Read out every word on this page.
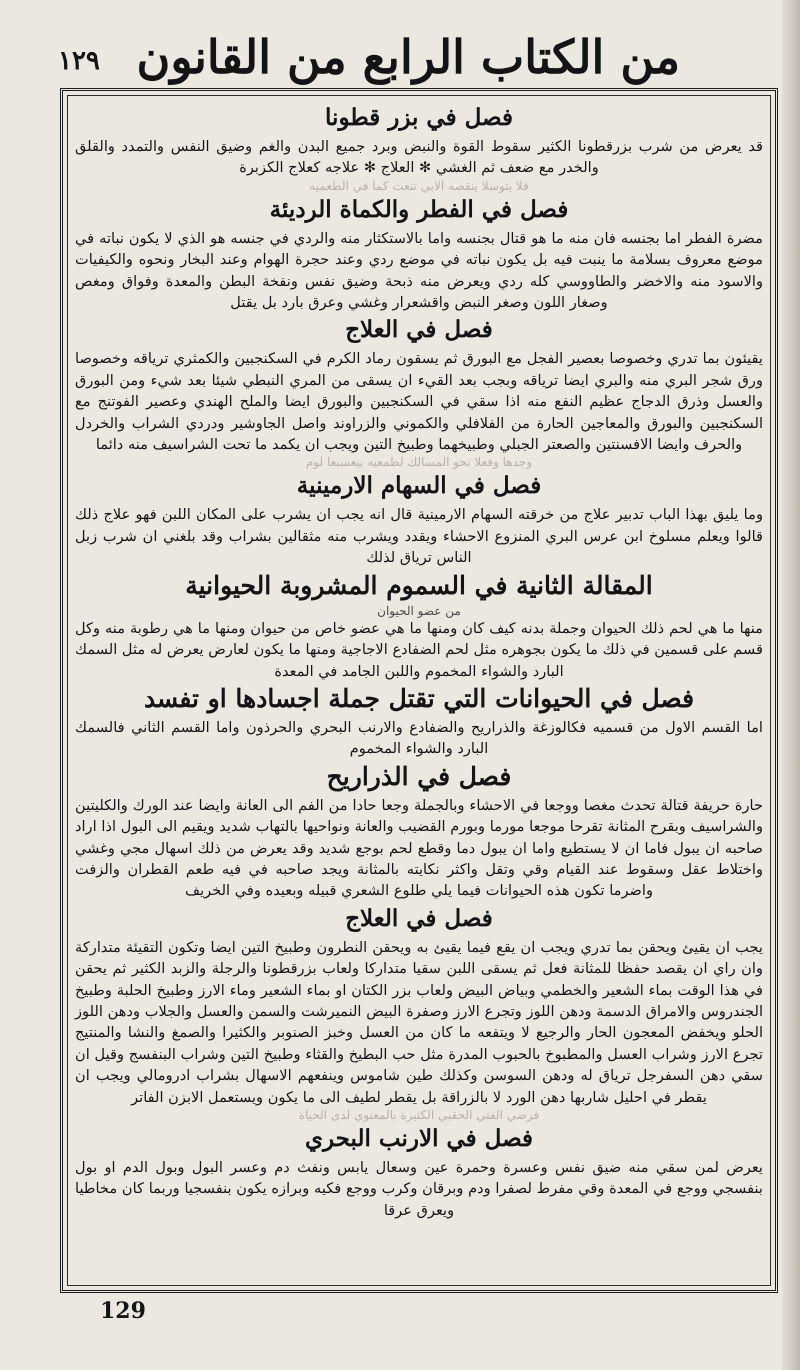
١٢٩ من الكتاب الرابع من القانون

فصل في بزر قطونا

قد يعرض من شرب بزرقطونا الكثير سقوط القوة والنبض وبرد جميع البدن والغم وضيق النفس والتمدد والقلق والخدر مع ضعف ثم الغشي ✻ العلاج ✻ علاجه كعلاج الكزبرة

فلا يتوسلا ينقصه الابي تنعت كما في الطعميه

فصل في الفطر والكماة الرديئة

مضرة الفطر اما بجنسه فان منه ما هو قتال بجنسه واما بالاستكثار منه والردي في جنسه هو الذي لا يكون نباته في موضع معروف بسلامة ما ينبت فيه بل يكون نباته في موضع ردي وعند حجرة الهوام وعند البخار ونحوه والكيفيات والاسود منه والاخضر والطاووسي كله ردي ويعرض منه ذبحة وضيق نفس ونفخة البطن والمعدة وفواق ومغص وصغار اللون وصغر النبض واقشعرار وغشي وعرق بارد بل يقتل

فصل في العلاج

يقيئون بما تدري وخصوصا بعصير الفجل مع البورق ثم يسقون رماد الكرم في السكنجبين والكمثري ترياقه وخصوصا ورق شجر البري منه والبري ايضا ترياقه وبجب بعد القيء ان يسقى من المري النبطي شيئا بعد شيء ومن البورق والعسل وذرق الدجاج عظيم النفع منه اذا سقي في السكنجبين والبورق ايضا والملح الهندي وعصير الفوتنج مع السكنجبين والبورق والمعاجين الحارة من الفلافلي والكموني والزراوند واصل الجاوشير ودردي الشراب والخردل والحرف وايضا الافسنتين والصعتر الجبلي وطبيخهما وطبيخ التين ويجب ان يكمد ما تحت الشراسيف منه دائما

وجدها وفعلا نحو المسالك لطمعيه بيعسبعا لوم

فصل في السهام الارمينية

وما يليق بهذا الباب تدبير علاج من خرقته السهام الارمينية قال انه يجب ان يشرب على المكان اللبن فهو علاج ذلك قالوا ويعلم مسلوخ ابن عرس البري المنزوع الاحشاء ويقدد ويشرب منه مثقالين بشراب وقد بلغني ان شرب زبل الناس ترياق لذلك

المقالة الثانية في السموم المشروبة الحيوانية

من عضو الحيوان

منها ما هي لحم ذلك الحيوان وجملة بدنه كيف كان ومنها ما هي عضو خاص من حيوان ومنها ما هي رطوبة منه وكل قسم على قسمين في ذلك ما يكون بجوهره مثل لحم الضفادع الاجاجية ومنها ما يكون لعارض يعرض له مثل السمك البارد والشواء المخموم واللبن الجامد في المعدة

فصل في الحيوانات التي تقتل جملة اجسادها او تفسد

اما القسم الاول من قسميه فكالوزغة والذراريح والضفادع والارنب البحري والحرذون واما القسم الثاني فالسمك البارد والشواء المخموم

فصل في الذراريح

حارة حريفة قتالة تحدث مغصا ووجعا في الاحشاء وبالجملة وجعا حادا من الفم الى العانة وايضا عند الورك والكليتين والشراسيف وبقرح المثانة تقرحا موجعا مورما وبورم القضيب والعانة ونواحيها بالتهاب شديد ويقيم الى البول اذا اراد صاحبه ان يبول فاما ان لا يستطيع واما ان يبول دما وقطع لحم بوجع شديد وقد يعرض من ذلك اسهال مجي وغشي واختلاط عقل وسقوط عند القيام وقي وتقل واكثر نكايته بالمثانة ويجد صاحبه في فيه طعم القطران والزفت واضرما تكون هذه الحيوانات فيما يلي طلوع الشعري قبيله وبعيده وفي الخريف

فصل في العلاج

يجب ان يقيئ ويحقن بما تدري ويجب ان يقع فيما يقيئ به ويحقن النطرون وطبيخ التين ايضا وتكون التقيئة متداركة وان راي ان يقصد حفظا للمثانة فعل ثم يسقى اللبن سقيا متداركا ولعاب بزرقطونا والرجلة والزبد الكثير ثم يحقن في هذا الوقت بماء الشعير والخطمي وبياض البيض ولعاب بزر الكتان او بماء الشعير وماء الارز وطبيخ الحلبة وطبيخ الجندروس والامراق الدسمة ودهن اللوز وتجرع الارز وصفرة البيض النميرشت والسمن والعسل والجلاب ودهن اللوز الحلو ويخفض المعجون الحار والرجيع لا ويتفعه ما كان من العسل وخبز الصنوبر والكثيرا والصمغ والنشا والمنتيج تجرع الارز وشراب العسل والمطبوخ بالحبوب المدرة مثل حب البطيخ والقثاء وطبيخ التين وشراب البنفسج وقيل ان سقي دهن السفرجل ترياق له ودهن السوسن وكذلك طين شاموس وينفعهم الاسهال بشراب ادرومالي ويجب ان يقطر في احليل شاربها دهن الورد لا بالزراقة بل يقطر لطيف الى ما يكون ويستعمل الابزن الفاتر

فرضي الفتي الحقبي الكثيرة بالمعنوي لدى الحياة

فصل في الارنب البحري

يعرض لمن سقي منه ضيق نفس وعسرة وحمرة عين وسعال يابس ونفث دم وعسر البول وبول الدم او بول بنفسجي ووجع في المعدة وقي مفرط لصفرا ودم وبرقان وكرب ووجع فكيه وبرازه يكون بنفسجيا وربما كان مخاطيا ويعرق عرقا

129
